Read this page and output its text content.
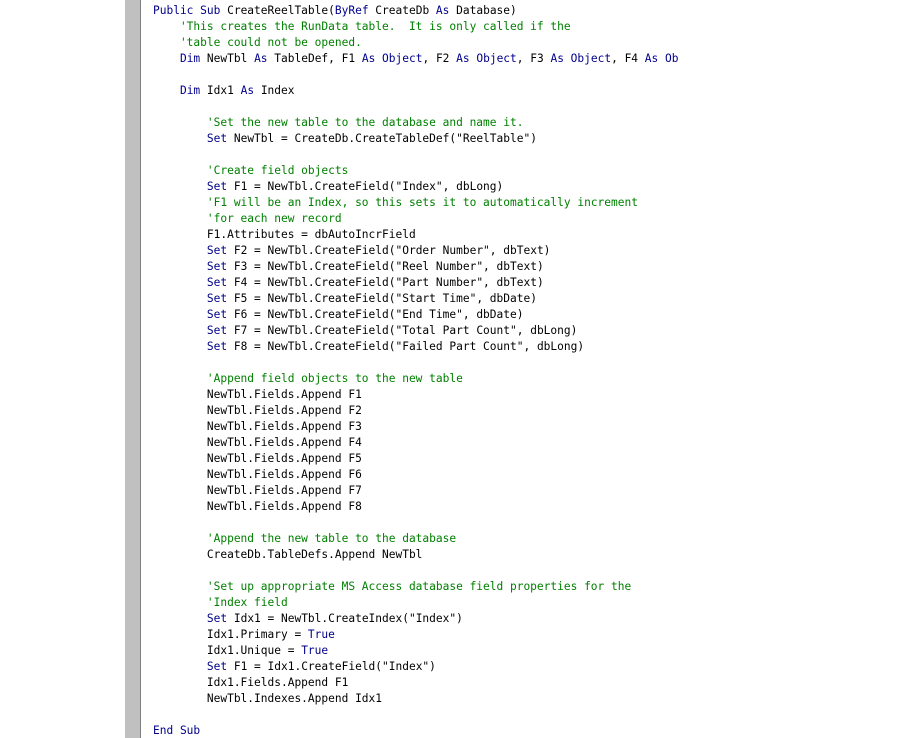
Public Sub CreateReelTable(ByRef CreateDb As Database)
'This creates the RunData table.  It is only called if the
'table could not be opened.
Dim NewTbl As TableDef, F1 As Object, F2 As Object, F3 As Object, F4 As Ob
Dim Idx1 As Index
'Set the new table to the database and name it.
Set NewTbl = CreateDb.CreateTableDef("ReelTable")
'Create field objects
Set F1 = NewTbl.CreateField("Index", dbLong)
'F1 will be an Index, so this sets it to automatically increment
'for each new record
F1.Attributes = dbAutoIncrField
Set F2 = NewTbl.CreateField("Order Number", dbText)
Set F3 = NewTbl.CreateField("Reel Number", dbText)
Set F4 = NewTbl.CreateField("Part Number", dbText)
Set F5 = NewTbl.CreateField("Start Time", dbDate)
Set F6 = NewTbl.CreateField("End Time", dbDate)
Set F7 = NewTbl.CreateField("Total Part Count", dbLong)
Set F8 = NewTbl.CreateField("Failed Part Count", dbLong)
'Append field objects to the new table
NewTbl.Fields.Append F1
NewTbl.Fields.Append F2
NewTbl.Fields.Append F3
NewTbl.Fields.Append F4
NewTbl.Fields.Append F5
NewTbl.Fields.Append F6
NewTbl.Fields.Append F7
NewTbl.Fields.Append F8
'Append the new table to the database
CreateDb.TableDefs.Append NewTbl
'Set up appropriate MS Access database field properties for the
'Index field
Set Idx1 = NewTbl.CreateIndex("Index")
Idx1.Primary = True
Idx1.Unique = True
Set F1 = Idx1.CreateField("Index")
Idx1.Fields.Append F1
NewTbl.Indexes.Append Idx1
End Sub
